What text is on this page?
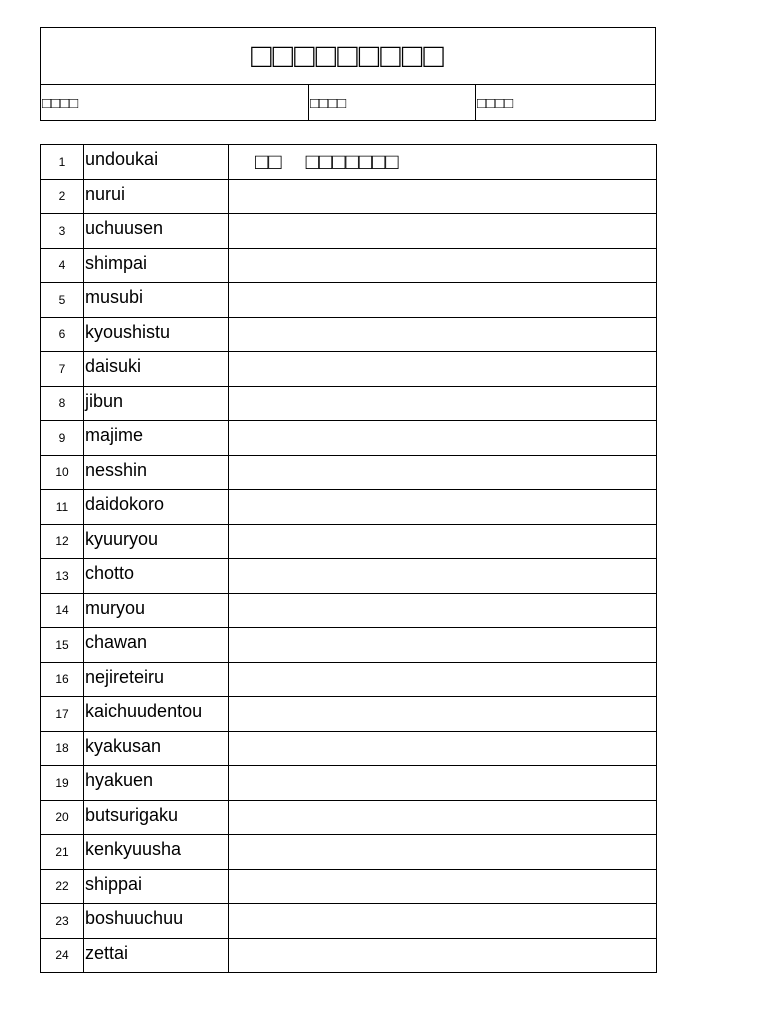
□□□□□□□□□
□□□□	□□□□	□□□□
1	undoukai	□□ □□□□□□□
2	nurui	
3	uchuusen	
4	shimpai	
5	musubi	
6	kyoushistu	
7	daisuki	
8	jibun	
9	majime	
10	nesshin	
11	daidokoro	
12	kyuuryou	
13	chotto	
14	muryou	
15	chawan	
16	nejireteiru	
17	kaichuudentou	
18	kyakusan	
19	hyakuen	
20	butsurigaku	
21	kenkyuusha	
22	shippai	
23	boshuuchuu	
24	zettai	
